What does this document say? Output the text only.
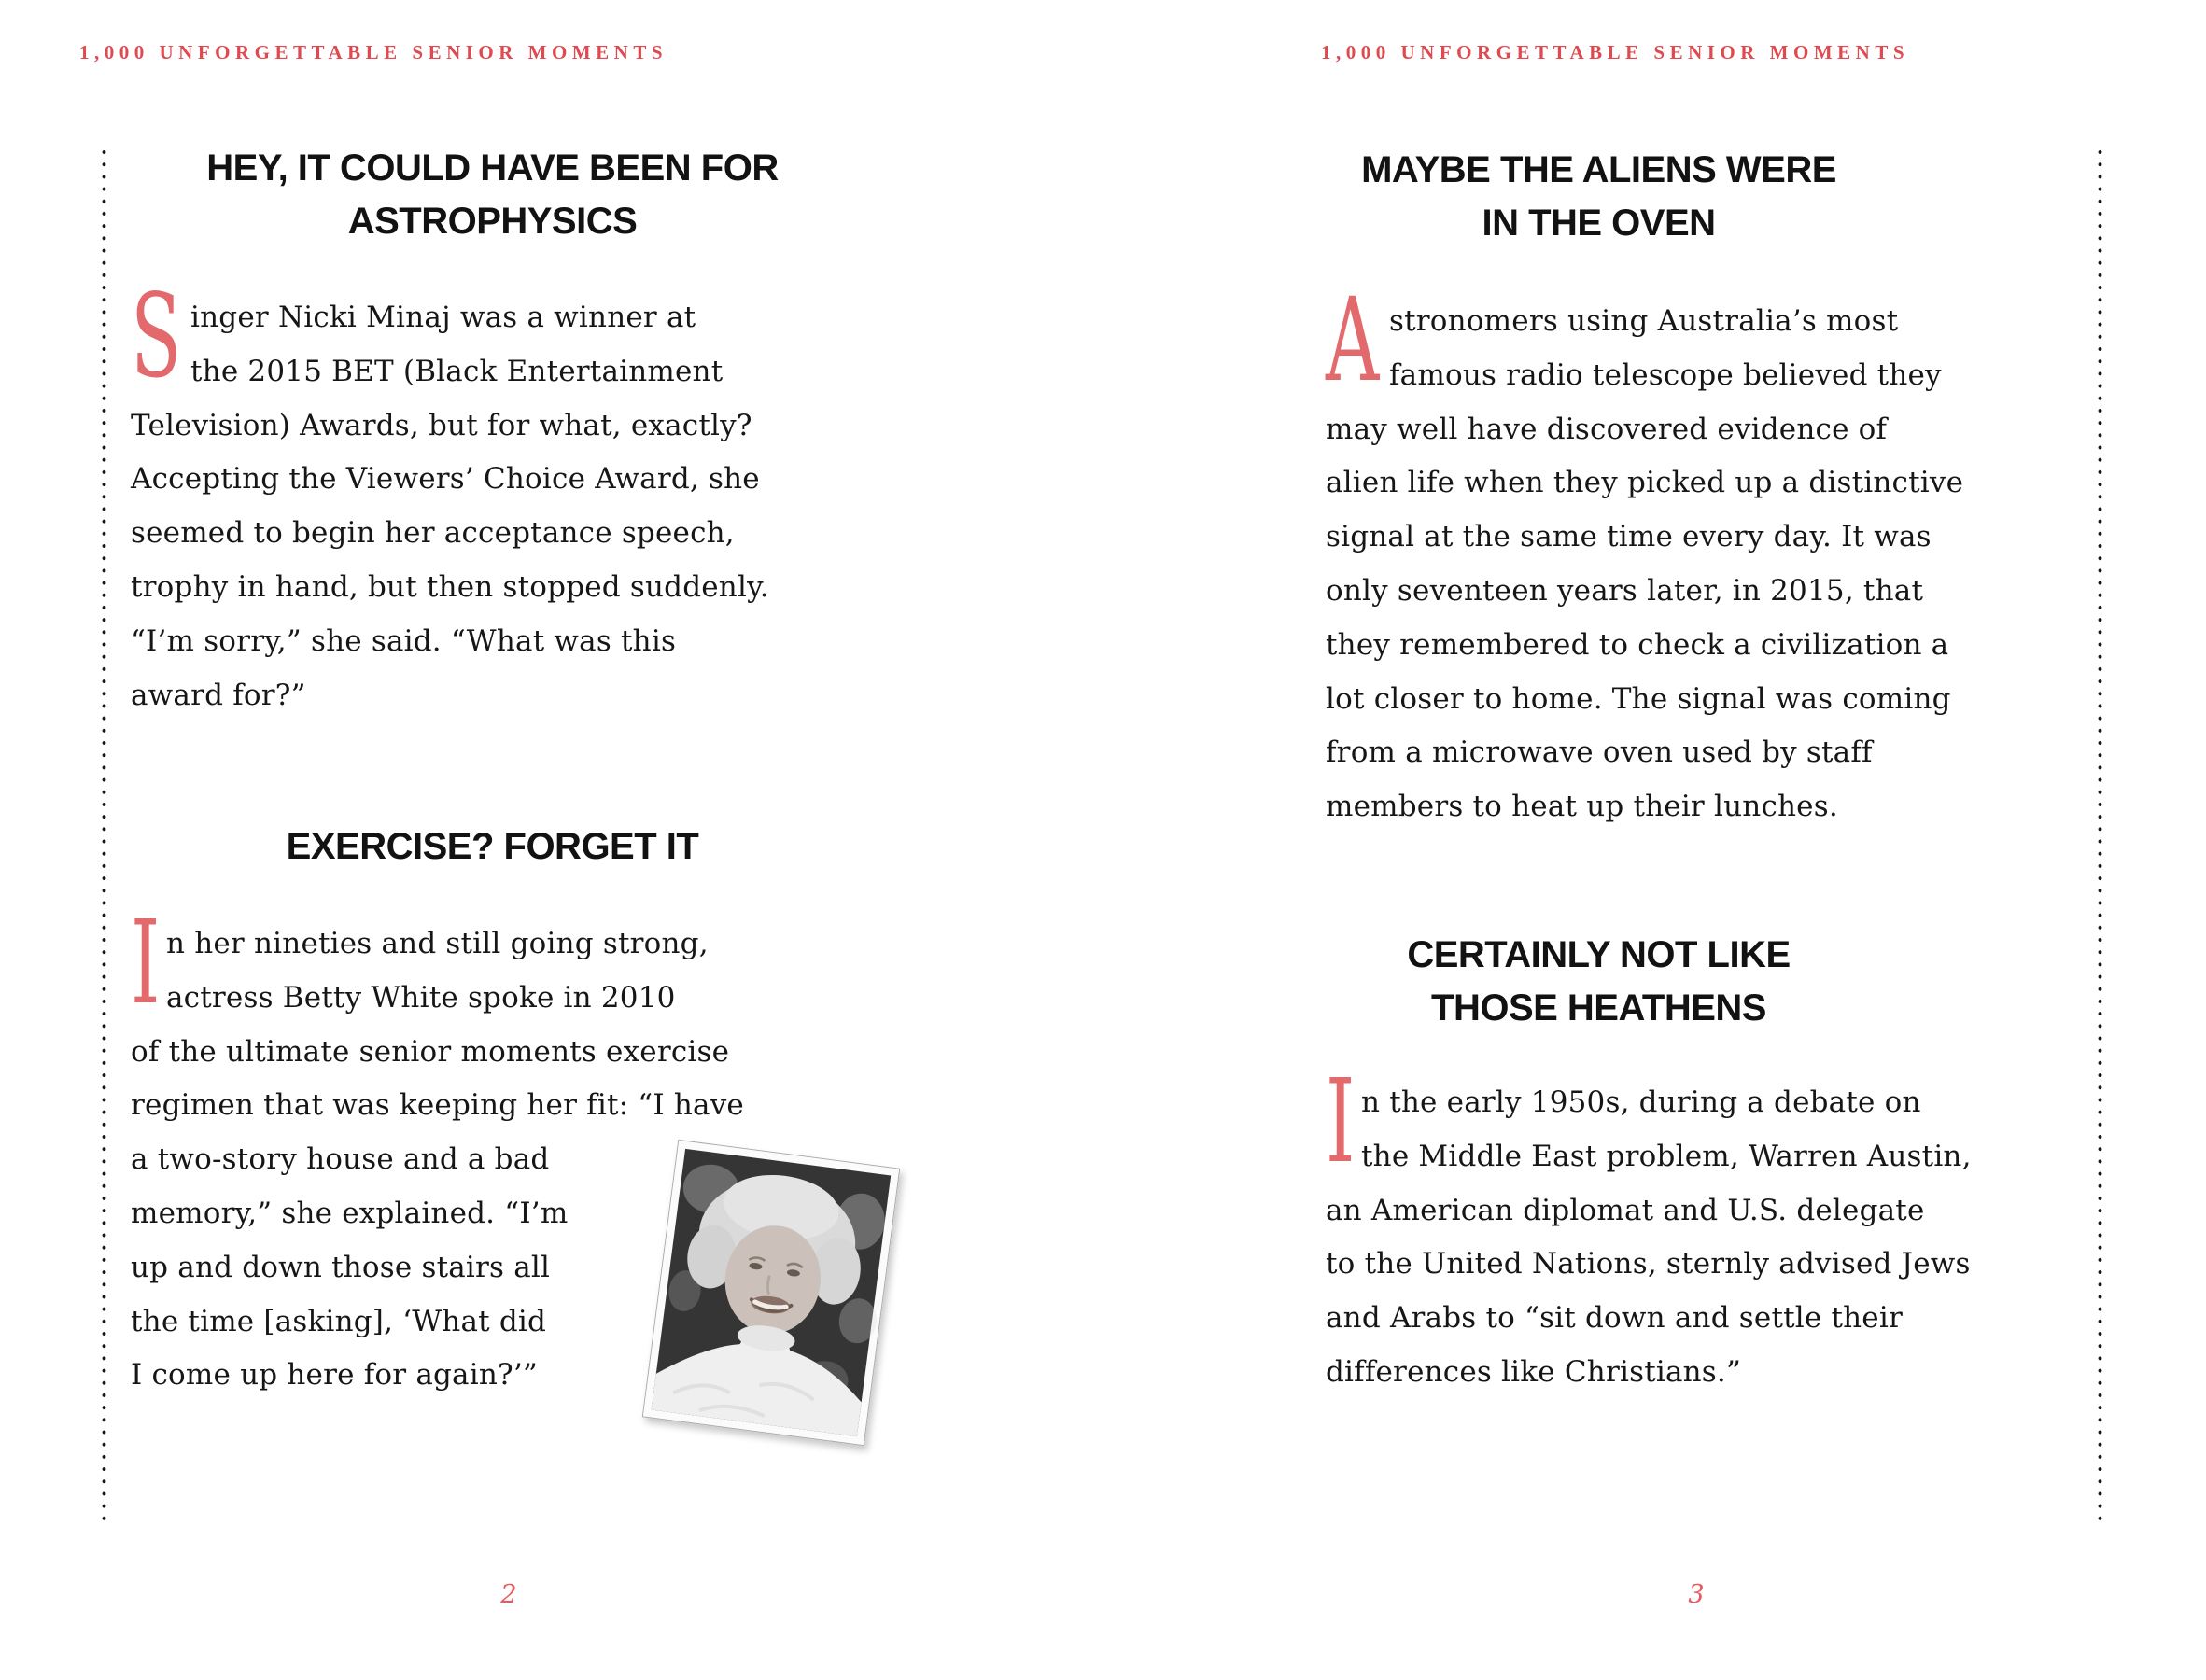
1,000 UNFORGETTABLE SENIOR MOMENTS
HEY, IT COULD HAVE BEEN FOR
ASTROPHYSICS
Singer Nicki Minaj was a winner at
the 2015 BET (Black Entertainment
Television) Awards, but for what, exactly?
Accepting the Viewers’ Choice Award, she
seemed to begin her acceptance speech,
trophy in hand, but then stopped suddenly.
“I’m sorry,” she said. “What was this
award for?”
EXERCISE? FORGET IT
In her nineties and still going strong,
actress Betty White spoke in 2010
of the ultimate senior moments exercise
regimen that was keeping her fit: “I have
a two-story house and a bad
memory,” she explained. “I’m
up and down those stairs all
the time [asking], ‘What did
I come up here for again?’”
2
1,000 UNFORGETTABLE SENIOR MOMENTS
MAYBE THE ALIENS WERE
IN THE OVEN
Astronomers using Australia’s most
famous radio telescope believed they
may well have discovered evidence of
alien life when they picked up a distinctive
signal at the same time every day. It was
only seventeen years later, in 2015, that
they remembered to check a civilization a
lot closer to home. The signal was coming
from a microwave oven used by staff
members to heat up their lunches.
CERTAINLY NOT LIKE
THOSE HEATHENS
In the early 1950s, during a debate on
the Middle East problem, Warren Austin,
an American diplomat and U.S. delegate
to the United Nations, sternly advised Jews
and Arabs to “sit down and settle their
differences like Christians.”
3
